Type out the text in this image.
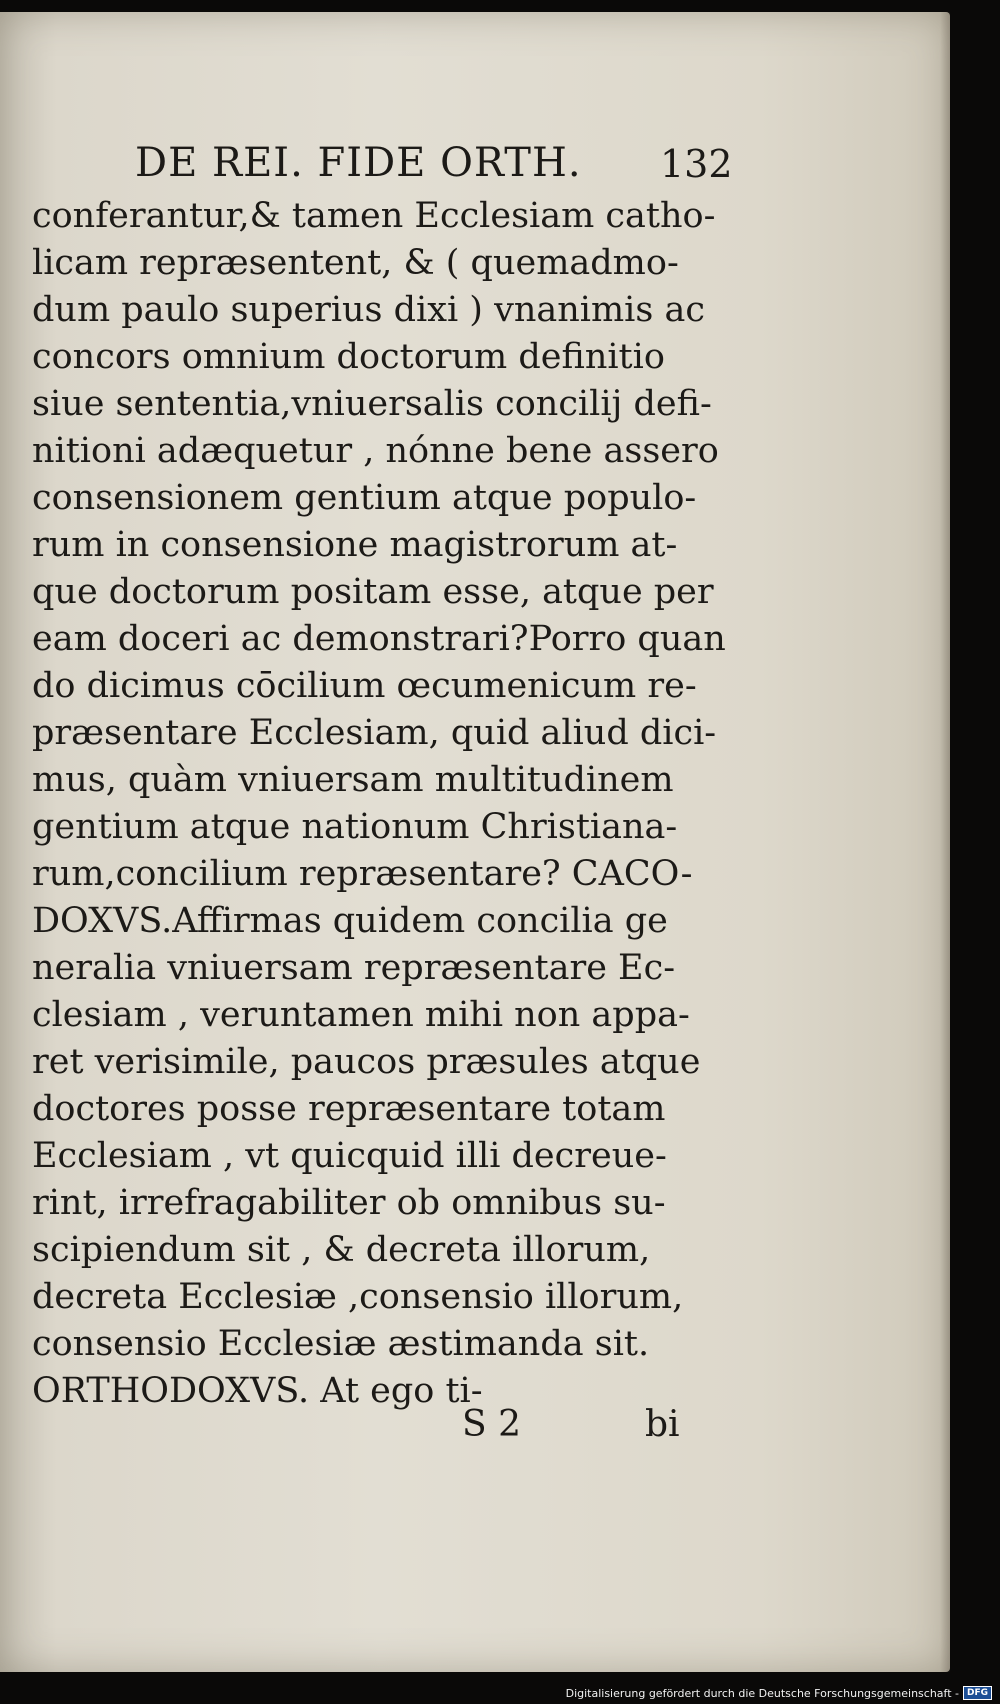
DE REI. FIDE ORTH. 132
conferantur,& tamen Ecclesiam catho-
licam repræsentent, & ( quemadmo-
dum paulo superius dixi ) vnanimis ac
concors omnium doctorum definitio
siue sententia,vniuersalis concilij defi-
nitioni adæquetur , nónne bene assero
consensionem gentium atque populo-
rum in consensione magistrorum at-
que doctorum positam esse, atque per
eam doceri ac demonstrari?Porro quan
do dicimus cōcilium œcumenicum re-
præsentare Ecclesiam, quid aliud dici-
mus, quàm vniuersam multitudinem
gentium atque nationum Christiana-
rum,concilium repræsentare? CACO-
DOXVS.Affirmas quidem concilia ge
neralia vniuersam repræsentare Ec-
clesiam , veruntamen mihi non appa-
ret verisimile, paucos præsules atque
doctores posse repræsentare totam
Ecclesiam , vt quicquid illi decreue-
rint, irrefragabiliter ob omnibus su-
scipiendum sit , & decreta illorum,
decreta Ecclesiæ ,consensio illorum,
consensio Ecclesiæ æstimanda sit.
ORTHODOXVS. At ego ti-
S 2	bi
Digitalisierung gefördert durch die Deutsche Forschungsgemeinschaft - DFG
